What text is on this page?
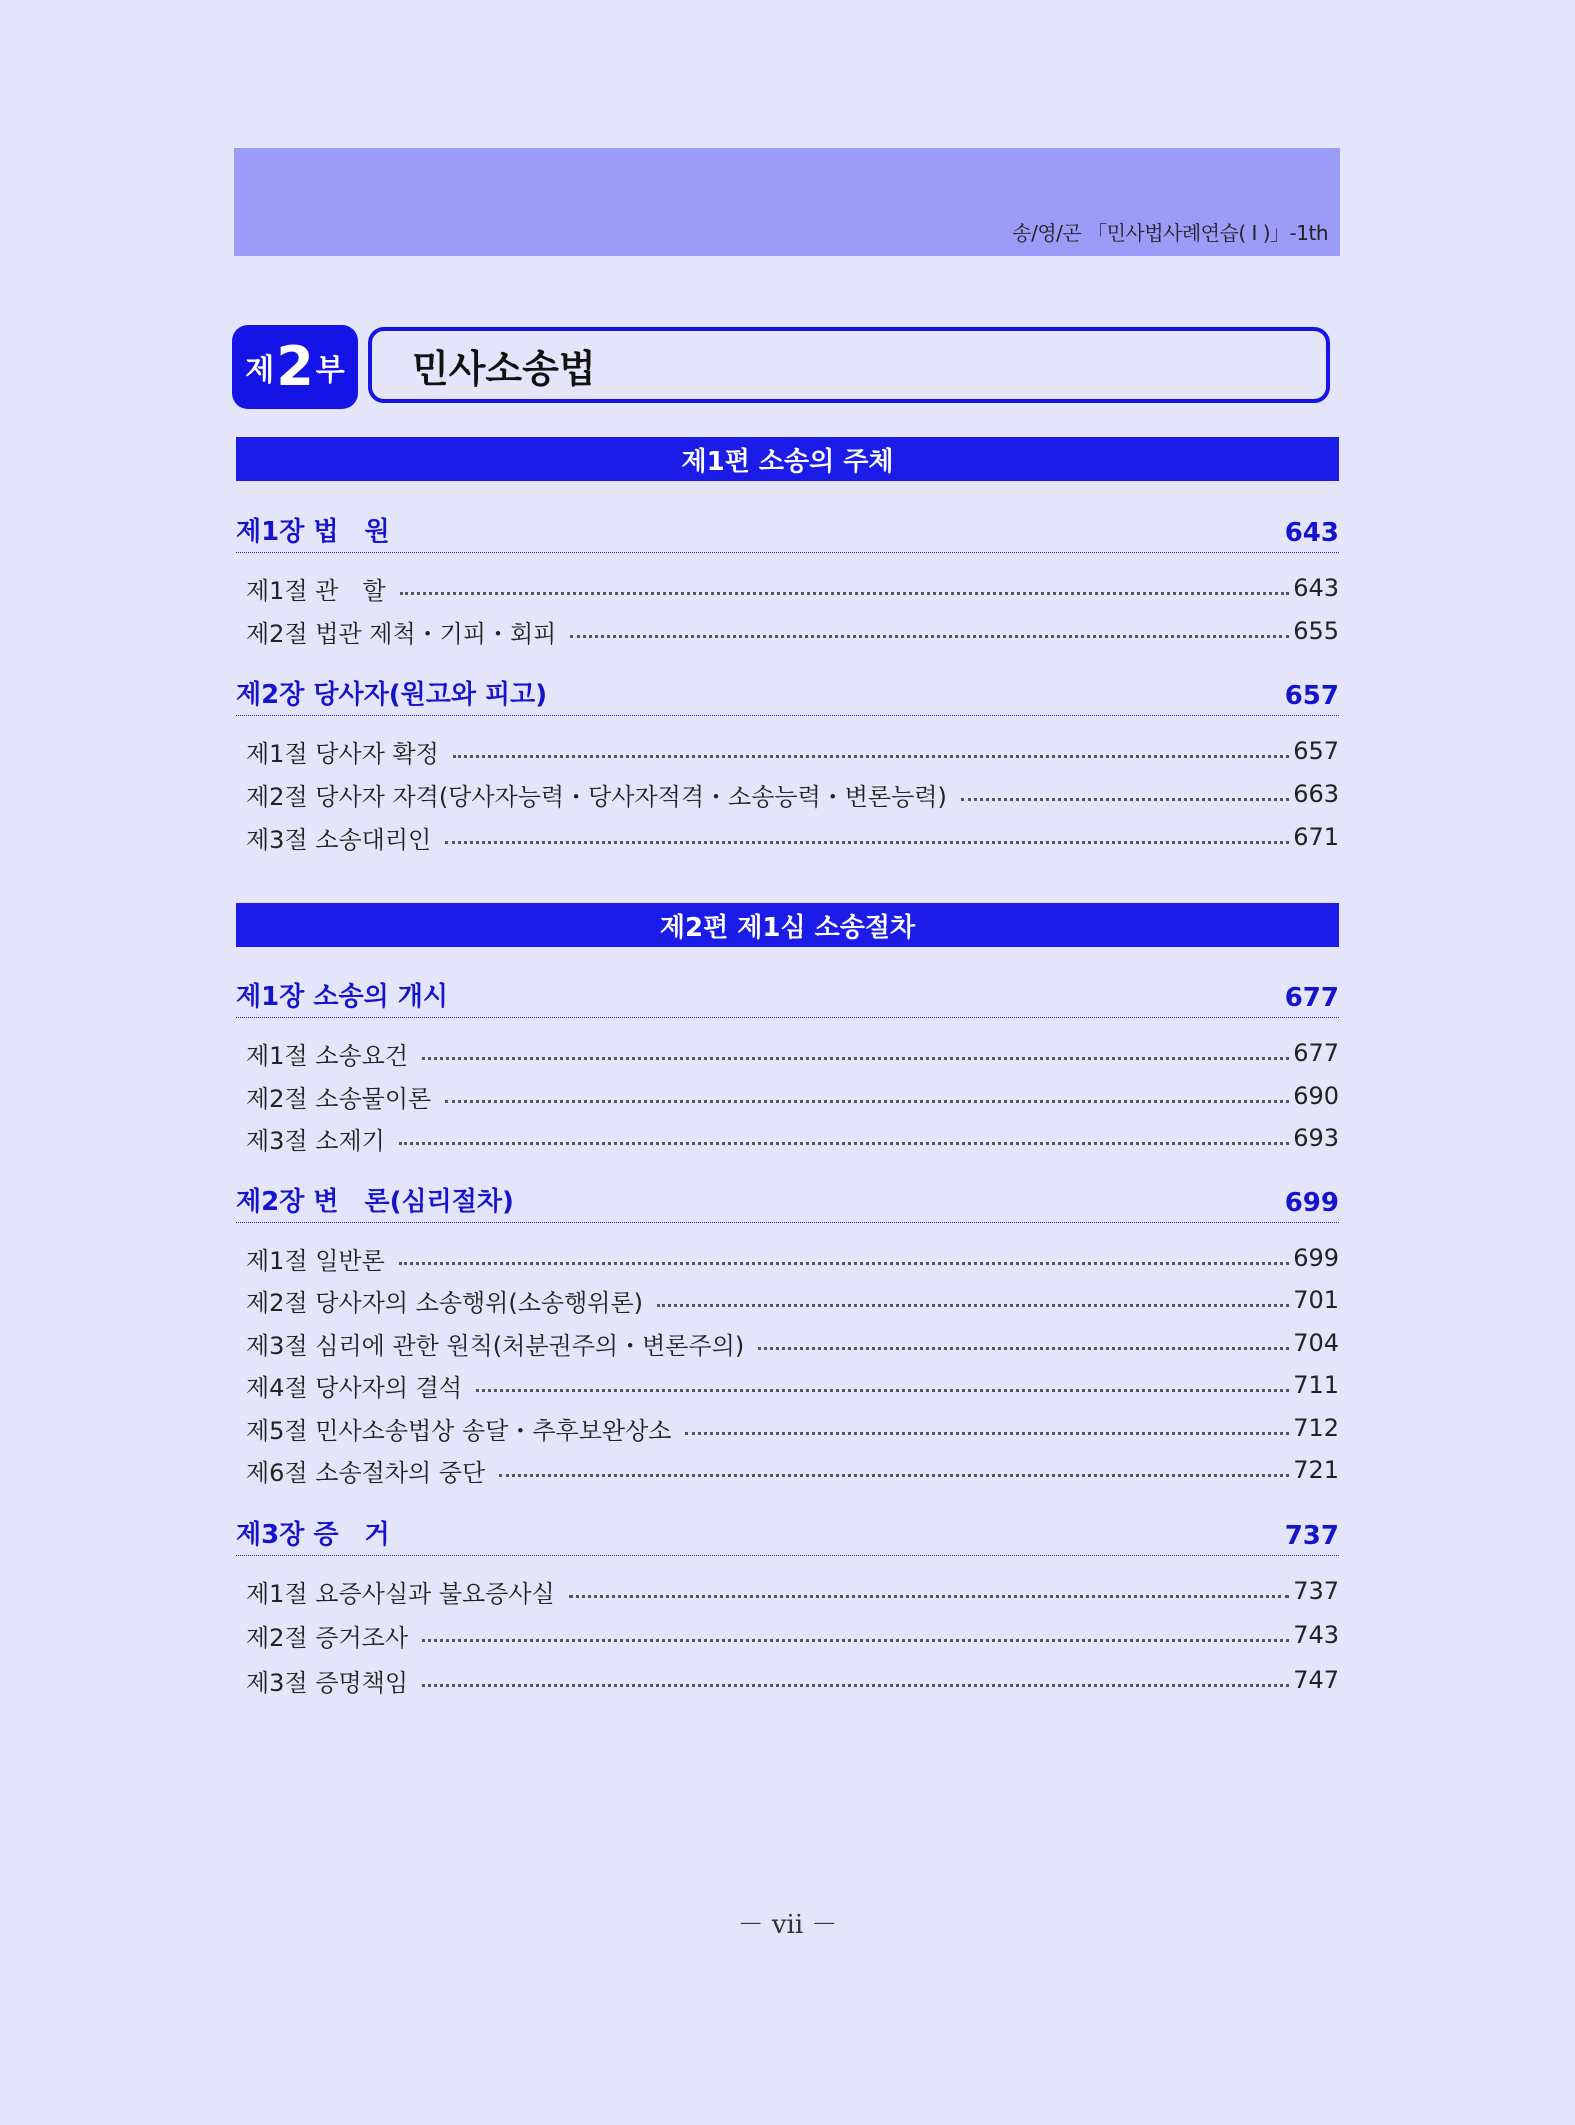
송/영/곤 「민사법사례연습( I )」-1th
제 2 부 민사소송법
제1편 소송의 주체
제1장 법　원	643
제1절 관　할	643
제2절 법관 제척・기피・회피	655
제2장 당사자(원고와 피고)	657
제1절 당사자 확정	657
제2절 당사자 자격(당사자능력・당사자적격・소송능력・변론능력)	663
제3절 소송대리인	671
제2편 제1심 소송절차
제1장 소송의 개시	677
제1절 소송요건	677
제2절 소송물이론	690
제3절 소제기	693
제2장 변　론(심리절차)	699
제1절 일반론	699
제2절 당사자의 소송행위(소송행위론)	701
제3절 심리에 관한 원칙(처분권주의・변론주의)	704
제4절 당사자의 결석	711
제5절 민사소송법상 송달・추후보완상소	712
제6절 소송절차의 중단	721
제3장 증　거	737
제1절 요증사실과 불요증사실	737
제2절 증거조사	743
제3절 증명책임	747
－ vii －
